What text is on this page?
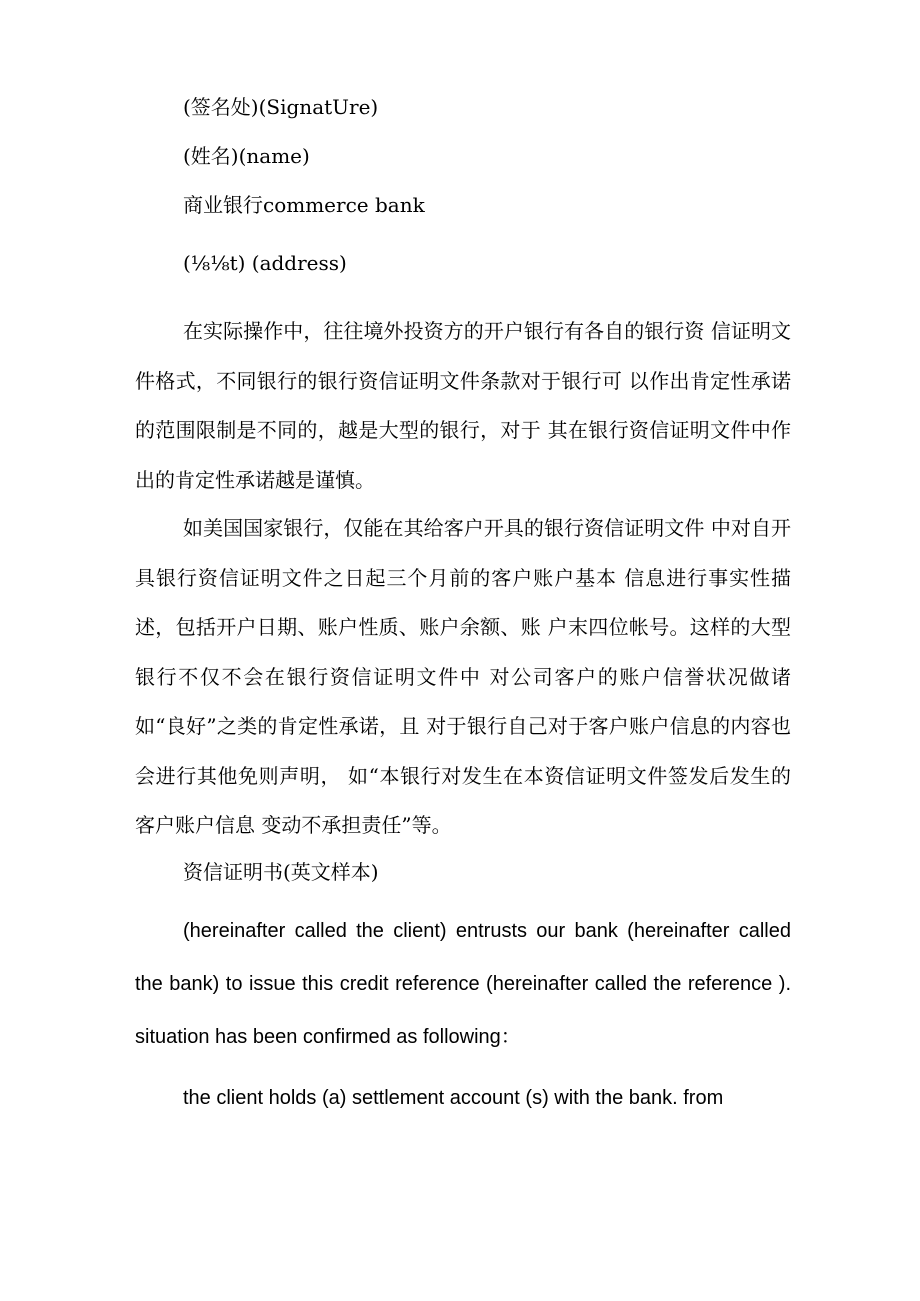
(签名处)(SignatUre)
(姓名)(name)
商业银行commerce bank
(⅛⅛t) (address)

在实际操作中，往往境外投资方的开户银行有各自的银行资 信证明文件格式，不同银行的银行资信证明文件条款对于银行可 以作出肯定性承诺的范围限制是不同的，越是大型的银行，对于 其在银行资信证明文件中作出的肯定性承诺越是谨慎。

如美国国家银行，仅能在其给客户开具的银行资信证明文件 中对自开具银行资信证明文件之日起三个月前的客户账户基本 信息进行事实性描述，包括开户日期、账户性质、账户余额、账 户末四位帐号。这样的大型银行不仅不会在银行资信证明文件中 对公司客户的账户信誉状况做诸如“良好”之类的肯定性承诺，且 对于银行自己对于客户账户信息的内容也会进行其他免则声明， 如“本银行对发生在本资信证明文件签发后发生的客户账户信息 变动不承担责任”等。

资信证明书(英文样本)

(hereinafter called the client) entrusts our bank (hereinafter called the bank) to issue this credit reference (hereinafter called the reference ). situation has been confirmed as following：

the client holds (a) settlement account (s) with the bank. from
